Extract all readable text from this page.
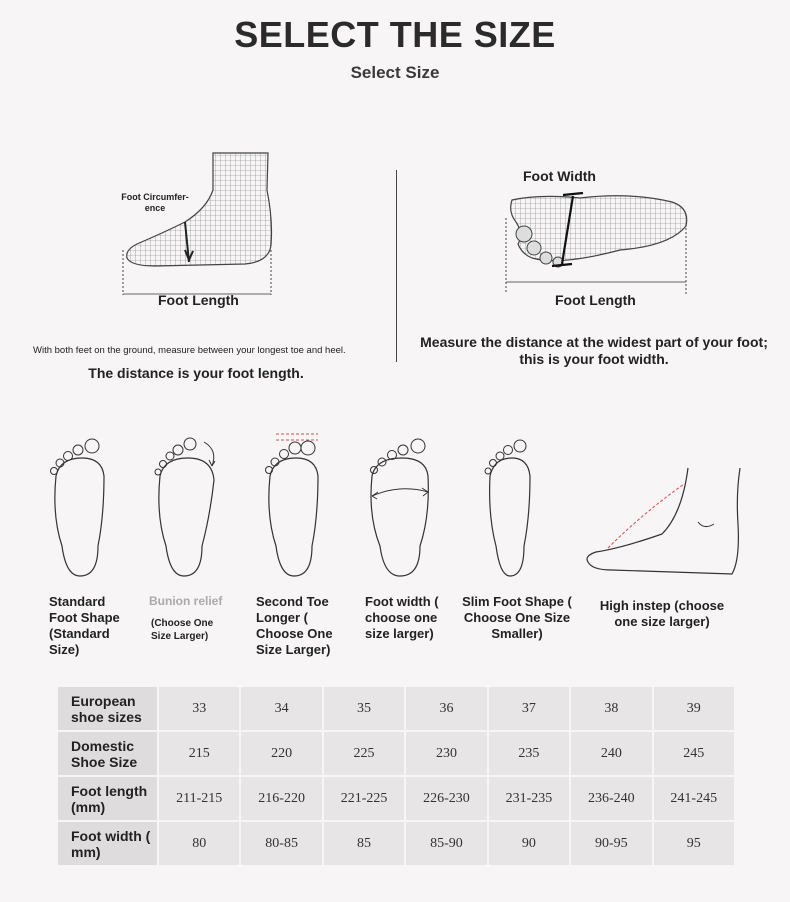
SELECT THE SIZE
Select Size
Foot Circumfer-
ence
Foot Length
With both feet on the ground, measure between your longest toe and heel.
The distance is your foot length.
Foot Width
Foot Length
Measure the distance at the widest part of your foot; this is your foot width.
Standard Foot Shape (Standard Size)
Bunion relief
(Choose One Size Larger)
Second Toe Longer ( Choose One Size Larger)
Foot width ( choose one size larger)
Slim Foot Shape ( Choose One Size Smaller)
High instep (choose one size larger)
European shoe sizes	33	34	35	36	37	38	39
Domestic Shoe Size	215	220	225	230	235	240	245
Foot length (mm)	211-215	216-220	221-225	226-230	231-235	236-240	241-245
Foot width ( mm)	80	80-85	85	85-90	90	90-95	95
